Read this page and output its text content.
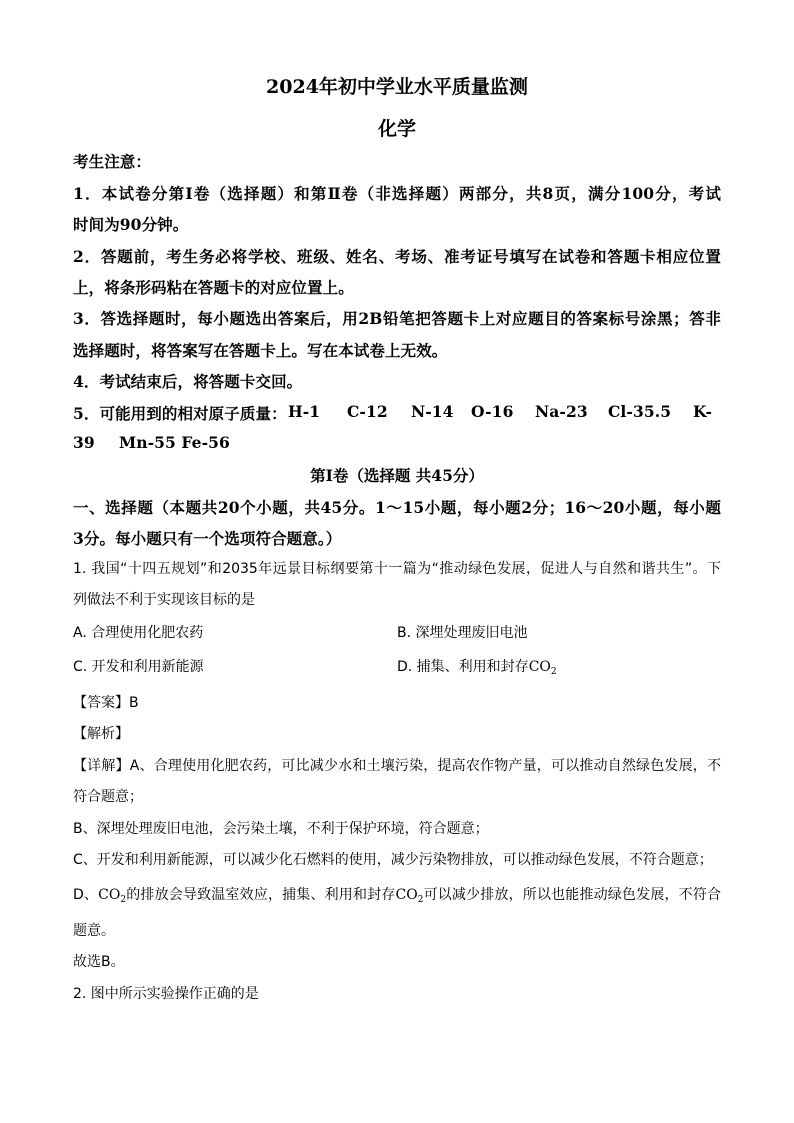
2024年初中学业水平质量监测
化学
考生注意：
1．本试卷分第Ⅰ卷（选择题）和第Ⅱ卷（非选择题）两部分，共8页，满分100分，考试
时间为90分钟。
2．答题前，考生务必将学校、班级、姓名、考场、准考证号填写在试卷和答题卡相应位置
上，将条形码粘在答题卡的对应位置上。
3．答选择题时，每小题选出答案后，用2B铅笔把答题卡上对应题目的答案标号涂黑；答非
选择题时，将答案写在答题卡上。写在本试卷上无效。
4．考试结束后，将答题卡交回。
5．可能用到的相对原子质量： H-1 C-12 N-14 O-16 Na-23 Cl-35.5 K-
39 Mn-55 Fe-56
第Ⅰ卷（选择题 共45分）
一、选择题（本题共20个小题，共45分。1～15小题，每小题2分；16～20小题，每小题
3分。每小题只有一个选项符合题意。）
1. 我国“十四五规划”和2035年远景目标纲要第十一篇为“推动绿色发展，促进人与自然和谐共生”。下
列做法不利于实现该目标的是
A. 合理使用化肥农药	B. 深埋处理废旧电池
C. 开发和利用新能源	D. 捕集、利用和封存$CO_2$
【答案】B
【解析】
【详解】A、合理使用化肥农药，可比减少水和土壤污染，提高农作物产量，可以推动自然绿色发展，不
符合题意；
B、深埋处理废旧电池，会污染土壤，不利于保护环境，符合题意；
C、开发和利用新能源，可以减少化石燃料的使用，减少污染物排放，可以推动绿色发展，不符合题意；
D、$CO_2$的排放会导致温室效应，捕集、利用和封存$CO_2$可以减少排放，所以也能推动绿色发展，不符合
题意。
故选B。
2. 图中所示实验操作正确的是
